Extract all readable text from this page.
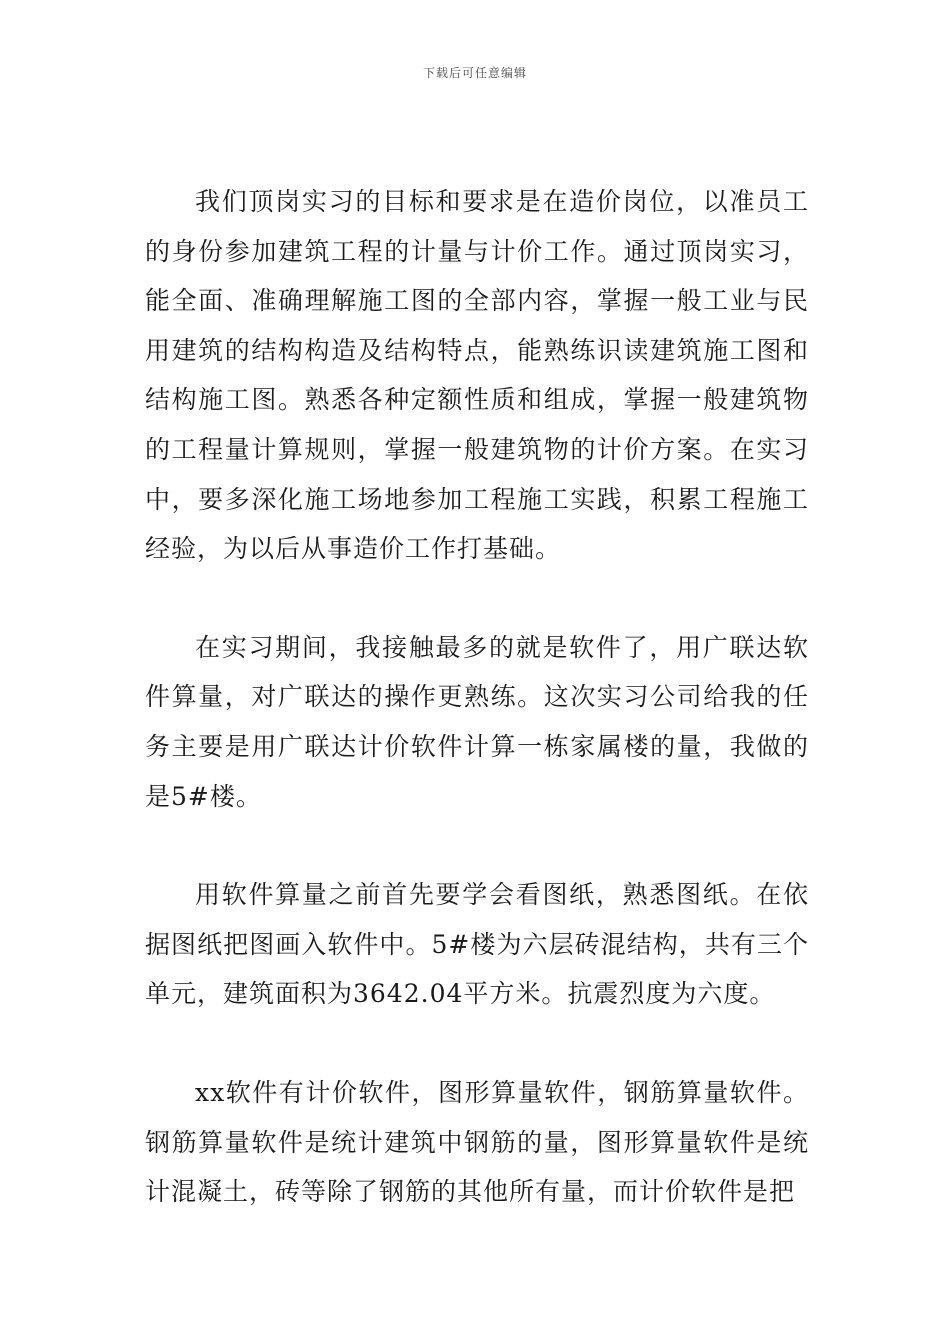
下载后可任意编辑

我们顶岗实习的目标和要求是在造价岗位，以准员工的身份参加建筑工程的计量与计价工作。通过顶岗实习，能全面、准确理解施工图的全部内容，掌握一般工业与民用建筑的结构构造及结构特点，能熟练识读建筑施工图和结构施工图。熟悉各种定额性质和组成，掌握一般建筑物的工程量计算规则，掌握一般建筑物的计价方案。在实习中，要多深化施工场地参加工程施工实践，积累工程施工经验，为以后从事造价工作打基础。

在实习期间，我接触最多的就是软件了，用广联达软件算量，对广联达的操作更熟练。这次实习公司给我的任务主要是用广联达计价软件计算一栋家属楼的量，我做的是5#楼。

用软件算量之前首先要学会看图纸，熟悉图纸。在依据图纸把图画入软件中。5#楼为六层砖混结构，共有三个单元，建筑面积为3642.04平方米。抗震烈度为六度。

xx软件有计价软件，图形算量软件，钢筋算量软件。钢筋算量软件是统计建筑中钢筋的量，图形算量软件是统计混凝土，砖等除了钢筋的其他所有量，而计价软件是把
